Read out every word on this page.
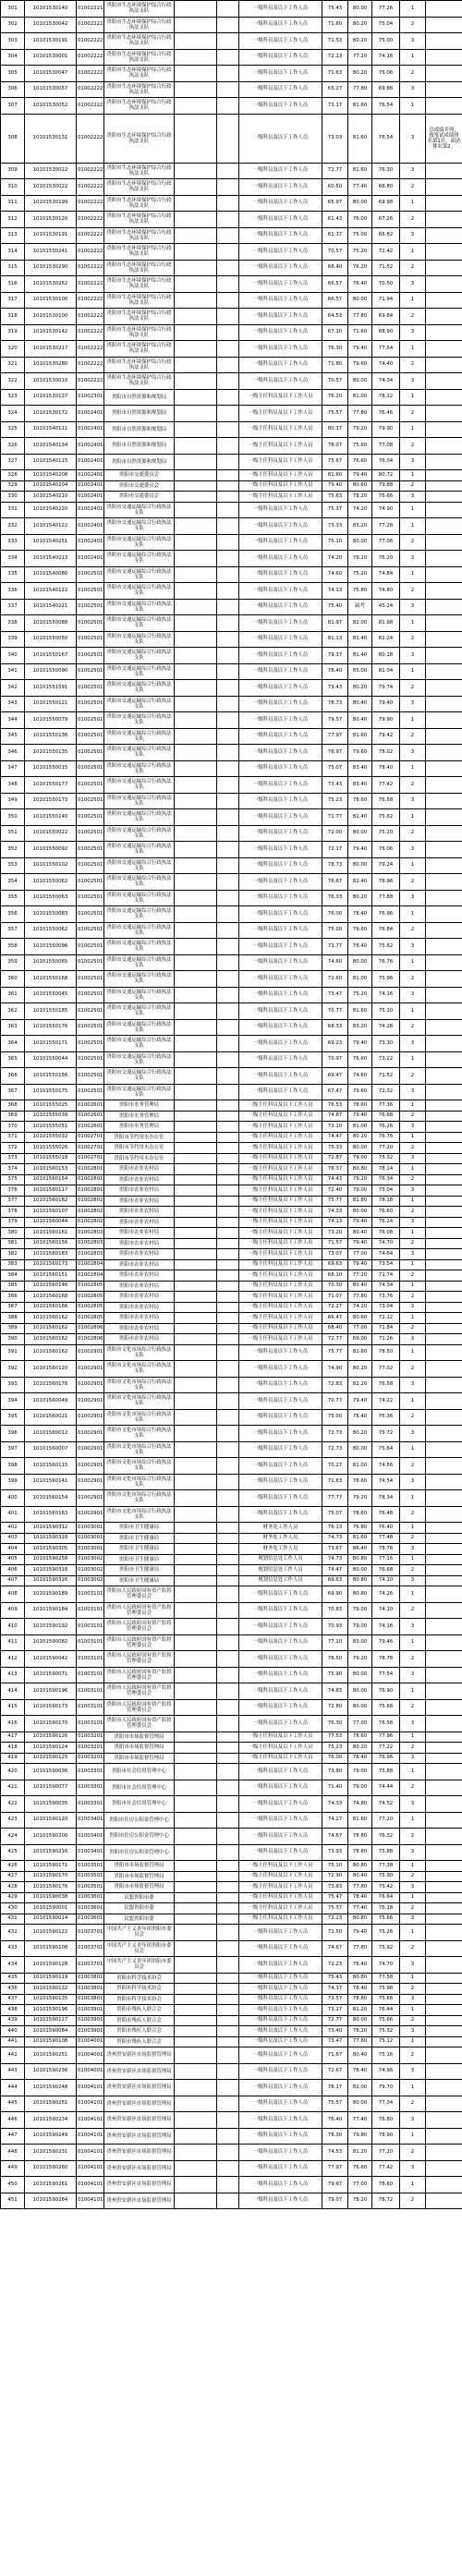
301	10101530140	01002221	贵阳市生态环境保护综合行政执法支队			一级科员及以下工作人员	75.43	80.00	77.26	1	
302	10101530042	01002222	贵阳市生态环境保护综合行政执法支队			一级科员及以下工作人员	71.60	80.20	75.04	2	
303	10101530191	01002222	贵阳市生态环境保护综合行政执法支队			一级科员及以下工作人员	71.53	80.20	75.00	3	
304	10101530001	01002222	贵阳市生态环境保护综合行政执法支队			一级科员及以下工作人员	72.13	77.20	74.16	1	
305	10101530047	01002222	贵阳市生态环境保护综合行政执法支队			一级科员及以下工作人员	71.63	80.20	75.06	2	
306	10101530057	01002222	贵阳市生态环境保护综合行政执法支队			一级科员及以下工作人员	65.27	77.80	69.88	3	
307	10101530052	01002222	贵阳市生态环境保护综合行政执法支队			一级科员及以下工作人员	73.17	81.60	76.54	1	
308	10101530131	01002222	贵阳市生态环境保护综合行政执法支队			一级科员及以下工作人员	73.03	81.60	76.54	3	总成绩并列，按笔试成绩排名第1位，面试排名第2。
309	10101530022	01002222	贵阳市生态环境保护综合行政执法支队			一级科员及以下工作人员	72.77	81.60	76.30	3	
310	10101530022	01002222	贵阳市生态环境保护综合行政执法支队			一级科员及以下工作人员	60.50	77.40	66.80	2	
311	10101530199	01002222	贵阳市生态环境保护综合行政执法支队			一级科员及以下工作人员	65.97	80.00	69.98	1	
312	10101530120	01002222	贵阳市生态环境保护综合行政执法支队			一级科员及以下工作人员	61.43	76.00	67.26	2	
313	10101530191	01002222	贵阳市生态环境保护综合行政执法支队			一级科员及以下工作人员	61.37	75.00	66.82	3	
314	10101530241	01002222	贵阳市生态环境保护综合行政执法支队			一级科员及以下工作人员	70.57	75.20	72.42	1	
315	10101530290	01002222	贵阳市生态环境保护综合行政执法支队			一级科员及以下工作人员	68.40	76.20	71.52	2	
316	10101530262	01002222	贵阳市生态环境保护综合行政执法支队			一级科员及以下工作人员	66.57	76.40	70.50	3	
317	10101530100	01002222	贵阳市生态环境保护综合行政执法支队			一级科员及以下工作人员	66.57	80.00	71.94	1	
318	10101530100	01002222	贵阳市生态环境保护综合行政执法支队			一级科员及以下工作人员	64.53	77.80	69.84	2	
319	10101530142	01002222	贵阳市生态环境保护综合行政执法支队			一级科员及以下工作人员	67.10	71.60	68.90	3	
320	10101530217	01002222	贵阳市生态环境保护综合行政执法支队			一级科员及以下工作人员	76.30	79.40	77.54	1	
321	10101530280	01002222	贵阳市生态环境保护综合行政执法支队			一级科员及以下工作人员	71.80	79.60	74.40	2	
322	10101530010	01002222	贵阳市生态环境保护综合行政执法支队			一级科员及以下工作人员	70.57	80.00	74.34	3	
323	10101530137	01002301	贵阳市自然资源和规划局			一级主任科员及以下工作人员	76.20	81.00	78.12	1	
324	10101530172	01002401	贵阳市自然资源和规划局			一级主任科员及以下工作人员	75.57	77.80	76.46	2	
325	10101540111	01002401	贵阳市自然资源和规划局			一级主任科员及以下工作人员	80.37	79.20	79.90	1	
326	10101540134	01002401	贵阳市自然资源和规划局			一级主任科员及以下工作人员	78.07	75.60	77.08	2	
327	10101540115	01002401	贵阳市自然资源和规划局			一级主任科员及以下工作人员	75.67	76.60	76.04	3	
328	10101540208	01002401	贵阳市交通委员会			一级主任科员及以下工作人员	81.60	79.40	80.72	1	
329	10101540204	01002401	贵阳市交通委员会			一级主任科员及以下工作人员	79.40	80.60	79.88	2	
330	10101540210	01002401	贵阳市交通委员会			一级主任科员及以下工作人员	75.63	78.20	76.66	3	
331	10101540220	01002401	贵阳市交通运输综合行政执法支队			一级科员及以下工作人员	75.37	74.20	74.90	1	
332	10101540122	01002401	贵阳市交通运输综合行政执法支队			一级科员及以下工作人员	73.33	83.20	77.28	1	
333	10101540251	01002401	贵阳市交通运输综合行政执法支队			一级科员及以下工作人员	75.10	80.00	77.06	2	
334	10101540213	01002401	贵阳市交通运输综合行政执法支队			一级科员及以下工作人员	74.20	79.20	76.20	3	
335	10101540080	01002501	贵阳市交通运输综合行政执法支队			一级科员及以下工作人员	74.60	75.20	74.84	1	
336	10101540122	01002501	贵阳市交通运输综合行政执法支队			一级科员及以下工作人员	74.13	75.80	74.80	2	
337	10101540221	01002501	贵阳市交通运输综合行政执法支队			一级科员及以下工作人员	75.40	缺考	45.24	3	
338	10101550088	01002501	贵阳市交通运输综合行政执法支队			一级科员及以下工作人员	81.97	82.00	81.98	1	
339	10101550050	01002501	贵阳市交通运输综合行政执法支队			一级科员及以下工作人员	81.13	81.40	81.24	2	
340	10101550167	01002501	贵阳市交通运输综合行政执法支队			一级科员及以下工作人员	79.37	81.40	80.18	3	
341	10101550090	01002501	贵阳市交通运输综合行政执法支队			一级科员及以下工作人员	78.40	85.00	81.04	1	
342	10101551591	01002501	贵阳市交通运输综合行政执法支队			一级科员及以下工作人员	79.43	80.20	79.74	2	
343	10101550121	01002501	贵阳市交通运输综合行政执法支队			一级科员及以下工作人员	78.73	80.40	79.40	3	
344	10101550079	01002501	贵阳市交通运输综合行政执法支队			一级科员及以下工作人员	79.57	80.40	79.90	1	
345	10101550136	01002501	贵阳市交通运输综合行政执法支队			一级科员及以下工作人员	77.97	81.60	79.42	2	
346	10101550135	01002501	贵阳市交通运输综合行政执法支队			一级科员及以下工作人员	76.97	79.60	78.02	3	
347	10101550015	01002501	贵阳市交通运输综合行政执法支队			一级科员及以下工作人员	75.07	83.40	78.40	1	
348	10101550177	01002501	贵阳市交通运输综合行政执法支队			一级科员及以下工作人员	73.43	83.40	77.42	2	
349	10101550173	01002501	贵阳市交通运输综合行政执法支队			一级科员及以下工作人员	75.23	78.60	76.58	3	
350	10101550140	01002501	贵阳市交通运输综合行政执法支队			一级科员及以下工作人员	71.77	81.40	75.62	1	
351	10101550022	01002501	贵阳市交通运输综合行政执法支队			一级科员及以下工作人员	72.00	80.00	75.20	2	
352	10101550092	01002501	贵阳市交通运输综合行政执法支队			一级科员及以下工作人员	72.17	79.40	75.06	3	
353	10101550102	01002501	贵阳市交通运输综合行政执法支队			一级科员及以下工作人员	78.73	80.00	79.24	1	
354	10101550062	01002501	贵阳市交通运输综合行政执法支队			一级科员及以下工作人员	76.67	82.40	78.96	2	
355	10101550063	01002501	贵阳市交通运输综合行政执法支队			一级科员及以下工作人员	76.33	80.20	77.88	3	
356	10101550083	01002501	贵阳市交通运输综合行政执法支队			一级科员及以下工作人员	76.00	78.40	76.96	1	
357	10101550062	01002501	贵阳市交通运输综合行政执法支队			一级科员及以下工作人员	75.00	79.60	76.84	2	
358	10101550096	01002501	贵阳市交通运输综合行政执法支队			一级科员及以下工作人员	73.77	78.40	75.62	3	
359	10101550065	01002501	贵阳市交通运输综合行政执法支队			一级科员及以下工作人员	74.60	80.00	76.76	1	
360	10101550168	01002501	贵阳市交通运输综合行政执法支队			一级科员及以下工作人员	72.60	81.00	75.96	2	
361	10101550045	01002501	贵阳市交通运输综合行政执法支队			一级科员及以下工作人员	73.47	75.20	74.16	3	
362	10101550185	01002501	贵阳市交通运输综合行政执法支队			一级科员及以下工作人员	70.77	81.60	75.10	1	
363	10101550176	01002501	贵阳市交通运输综合行政执法支队			一级科员及以下工作人员	68.33	83.20	74.28	2	
364	10101550171	01002501	贵阳市交通运输综合行政执法支队			一级科员及以下工作人员	69.23	79.40	73.30	3	
365	10101550044	01002501	贵阳市交通运输综合行政执法支队			一级科员及以下工作人员	70.97	76.60	73.22	1	
366	10101550156	01002501	贵阳市交通运输综合行政执法支队			一级科员及以下工作人员	69.47	74.60	71.52	2	
367	10101550175	01002501	贵阳市交通运输综合行政执法支队			一级科员及以下工作人员	67.47	79.60	72.32	3	
368	10101555025	01002601	贵阳市水务管理局			一级主任科员及以下工作人员	76.53	78.60	77.36	1	
369	10101555039	01002601	贵阳市水务管理局			一级主任科员及以下工作人员	74.87	79.40	76.68	2	
370	10101555051	01002601	贵阳市水务管理局			一级主任科员及以下工作人员	73.10	81.00	76.26	3	
371	10101555032	01002701	贵阳市节约用水办公室			一级主任科员及以下工作人员	74.47	80.20	76.76	1	
372	10101555026	01002701	贵阳市节约用水办公室			一级主任科员及以下工作人员	75.33	80.00	77.20	2	
373	10101555018	01002701	贵阳市节约用水办公室			一级主任科员及以下工作人员	72.87	79.00	75.32	3	
374	10101560153	01002801	贵阳市农业农村局			一级主任科员及以下工作人员	76.37	80.80	78.14	1	
375	10101560154	01002801	贵阳市农业农村局			一级主任科员及以下工作人员	74.43	79.20	76.34	2	
376	10101560117	01002801	贵阳市农业农村局			一级主任科员及以下工作人员	72.40	79.00	75.04	3	
377	10101560182	01002802	贵阳市农业农村局			一级主任科员及以下工作人员	75.77	81.80	78.18	1	
378	10101560107	01002802	贵阳市农业农村局			一级主任科员及以下工作人员	74.33	80.00	76.60	2	
379	10101560044	01002802	贵阳市农业农村局			一级主任科员及以下工作人员	74.13	79.40	76.24	3	
380	10101560161	01002803	贵阳市农业农村局			一级主任科员及以下工作人员	73.20	80.40	76.08	1	
381	10101560156	01002803	贵阳市农业农村局			一级主任科员及以下工作人员	71.57	79.40	74.70	2	
382	10101560183	01002803	贵阳市农业农村局			一级主任科员及以下工作人员	73.07	77.00	74.64	3	
383	10101560173	01002804	贵阳市农业农村局			一级主任科员及以下工作人员	69.63	79.40	73.54	1	
384	10101560151	01002804	贵阳市农业农村局			一级主任科员及以下工作人员	68.10	77.20	71.74	2	
385	10101560146	01002805	贵阳市农业农村局			一级主任科员及以下工作人员	70.30	80.40	74.34	1	
386	10101560168	01002805	贵阳市农业农村局			一级主任科员及以下工作人员	71.07	77.80	73.76	2	
387	10101560166	01002805	贵阳市农业农村局			一级主任科员及以下工作人员	72.27	74.20	73.04	3	
388	10101560162	01002805	贵阳市农业农村局			一级主任科员及以下工作人员	66.47	80.60	72.12	1	
389	10101560162	01002806	贵阳市农业农村局			一级主任科员及以下工作人员	68.40	77.00	71.84	2	
390	10101560162	01002806	贵阳市农业农村局			一级主任科员及以下工作人员	72.77	69.00	71.26	3	
391	10101560162	01002901	贵阳市文化市场综合行政执法支队			一级科员及以下工作人员	75.77	82.60	78.50	1	
392	10101560120	01002901	贵阳市文化市场综合行政执法支队			一级科员及以下工作人员	74.90	80.20	77.02	2	
393	10101560176	01002901	贵阳市文化市场综合行政执法支队			一级科员及以下工作人员	72.83	82.20	76.58	3	
394	10101560049	01002901	贵阳市文化市场综合行政执法支队			一级科员及以下工作人员	70.77	79.40	74.22	1	
395	10101560021	01002901	贵阳市文化市场综合行政执法支队			一级科员及以下工作人员	75.00	78.40	76.36	2	
396	10101560012	01002901	贵阳市文化市场综合行政执法支队			一级科员及以下工作人员	72.73	80.20	75.72	3	
397	10101560007	01002901	贵阳市文化市场综合行政执法支队			一级科员及以下工作人员	72.73	80.00	75.64	1	
398	10101560115	01002901	贵阳市文化市场综合行政执法支队			一级科员及以下工作人员	70.27	81.00	74.56	2	
399	10101560141	01002901	贵阳市文化市场综合行政执法支队			一级科员及以下工作人员	71.83	78.60	74.54	3	
400	10101560154	01002901	贵阳市文化市场综合行政执法支队			一级科员及以下工作人员	77.77	79.20	78.34	1	
401	10101560163	01002901	贵阳市文化市场综合行政执法支队			一级科员及以下工作人员	75.07	78.60	76.48	2	
402	10101590312	01003001	贵阳市卫生健康局			财务处工作人员	76.13	76.80	76.40	1	
403	10101590318	01003001	贵阳市卫生健康局			财务处工作人员	74.73	81.60	77.48	2	
404	10101590305	01003001	贵阳市卫生健康局			财务处工作人员	73.67	86.40	78.76	3	
405	10101590258	01003002	贵阳市卫生健康局			规划信息处工作人员	74.73	80.80	77.16	1	
406	10101590318	01003002	贵阳市卫生健康局			规划信息处工作人员	74.47	80.00	76.68	2	
407	10101590316	01003002	贵阳市卫生健康局			规划信息处工作人员	69.63	80.80	74.10	3	
408	10101590189	01003101	贵阳市人民政府国有资产监督管理委员会			一级科员及以下工作人员	69.90	80.80	74.26	1	
409	10101590184	01003101	贵阳市人民政府国有资产监督管理委员会			一级科员及以下工作人员	70.83	79.00	74.10	2	
410	10101590192	01003101	贵阳市人民政府国有资产监督管理委员会			一级科员及以下工作人员	70.93	79.00	74.16	3	
411	10101590082	01003101	贵阳市人民政府国有资产监督管理委员会			一级科员及以下工作人员	77.10	83.00	79.46	1	
412	10101590042	01003101	贵阳市人民政府国有资产监督管理委员会			一级科员及以下工作人员	78.50	79.20	78.78	2	
413	10101590071	01003101	贵阳市人民政府国有资产监督管理委员会			一级科员及以下工作人员	75.90	80.00	77.54	3	
414	10101590196	01003101	贵阳市人民政府国有资产监督管理委员会			一级科员及以下工作人员	74.83	80.00	76.90	1	
415	10101590173	01003101	贵阳市人民政府国有资产监督管理委员会			一级科员及以下工作人员	72.80	80.00	75.68	2	
416	10101590170	01003101	贵阳市人民政府国有资产监督管理委员会			一级科员及以下工作人员	76.30	77.00	76.58	3	
417	10101590126	01003201	贵阳市市场监督管理局			一级主任科员及以下工作人员	77.53	78.60	77.96	1	
418	10101590124	01003201	贵阳市市场监督管理局			一级主任科员及以下工作人员	75.23	80.20	77.22	2	
419	10101590125	01003201	贵阳市市场监督管理局			一级主任科员及以下工作人员	76.00	78.40	76.96	3	
420	10101590036	01003301	贵阳市社会信用管理中心			一级科员及以下工作人员	73.80	79.00	75.88	1	
421	10101590077	01003301	贵阳市社会信用管理中心			一级科员及以下工作人员	71.40	79.00	74.44	2	
422	10101590035	01003301	贵阳市社会信用管理中心			一级科员及以下工作人员	74.33	74.80	74.52	3	
423	10101590120	01003401	贵阳市住房公积金管理中心			一级科员及以下工作人员	74.27	81.60	77.20	1	
424	10101590200	01003401	贵阳市住房公积金管理中心			一级科员及以下工作人员	74.67	78.80	76.32	2	
425	10101590216	01003401	贵阳市住房公积金管理中心			一级科员及以下工作人员	73.93	78.80	75.88	3	
426	10101590171	01003501	贵阳市市场监督管理局			一级主任科员及以下工作人员	75.10	80.80	77.38	1	
427	10101590170	01003501	贵阳市市场监督管理局			一级主任科员及以下工作人员	72.90	80.40	75.90	2	
428	10101590176	01003501	贵阳市市场监督管理局			一级主任科员及以下工作人员	73.83	77.80	75.42	3	
429	10101590038	01003601	民盟贵阳市委			一级主任科员及以下工作人员	75.47	78.40	76.64	1	
430	10101590001	01003601	民盟贵阳市委			一级主任科员及以下工作人员	75.37	77.40	76.18	2	
431	10101590014	01003601	民盟贵阳市委			一级主任科员及以下工作人员	72.23	80.80	75.66	3	
432	10101590122	01003701	中国共产主义青年团贵阳市委员会			一级科员及以下工作人员	72.50	79.40	75.26	1	
433	10101590108	01003701	中国共产主义青年团贵阳市委员会			一级科员及以下工作人员	74.67	77.80	75.92	2	
434	10101590128	01003701	中国共产主义青年团贵阳市委员会			一级科员及以下工作人员	72.23	78.40	74.70	3	
435	10101590119	01003801	贵阳市科学技术协会			一级科员及以下工作人员	75.43	80.80	77.58	1	
436	10101590132	01003801	贵阳市科学技术协会			一级科员及以下工作人员	74.37	78.40	75.98	2	
437	10101590135	01003801	贵阳市科学技术协会			一级科员及以下工作人员	73.57	78.80	75.66	3	
438	10101590196	01003901	贵阳市残疾人联合会			一级科员及以下工作人员	73.27	81.20	76.44	1	
439	10101590127	01003901	贵阳市残疾人联合会			一级科员及以下工作人员	72.77	80.00	75.66	2	
440	10101590084	01003901	贵阳市残疾人联合会			一级科员及以下工作人员	73.40	78.20	75.32	3	
441	10101590108	01004001	贵阳市残疾人联合会			一级科员及以下工作人员	73.47	77.60	75.12	1	
442	10101590251	01004001	贵州贵安新区市场监督管理局			一级科员及以下工作人员	71.67	80.40	75.16	2	
443	10101590236	01004001	贵州贵安新区市场监督管理局			一级科员及以下工作人员	72.67	78.40	74.96	3	
444	10101590248	01004101	贵州贵安新区市场监督管理局			一级科员及以下工作人员	78.17	82.00	79.70	1	
445	10101590251	01004101	贵州贵安新区市场监督管理局			一级科员及以下工作人员	75.57	80.00	77.34	2	
446	10101590234	01004101	贵州贵安新区市场监督管理局			一级科员及以下工作人员	76.40	77.40	76.80	3	
447	10101590249	01004101	贵州贵安新区市场监督管理局			一级科员及以下工作人员	78.30	79.80	78.90	1	
448	10101590231	01004101	贵州贵安新区市场监督管理局			一级科员及以下工作人员	74.53	81.20	77.20	2	
449	10101590260	01004101	贵州贵安新区市场监督管理局			一级科员及以下工作人员	77.97	76.60	77.42	3	
450	10101590261	01004101	贵州贵安新区市场监督管理局			一级科员及以下工作人员	79.67	77.00	78.60	1	
451	10101590264	01004101	贵州贵安新区市场监督管理局			一级科员及以下工作人员	79.07	78.20	78.72	2	
